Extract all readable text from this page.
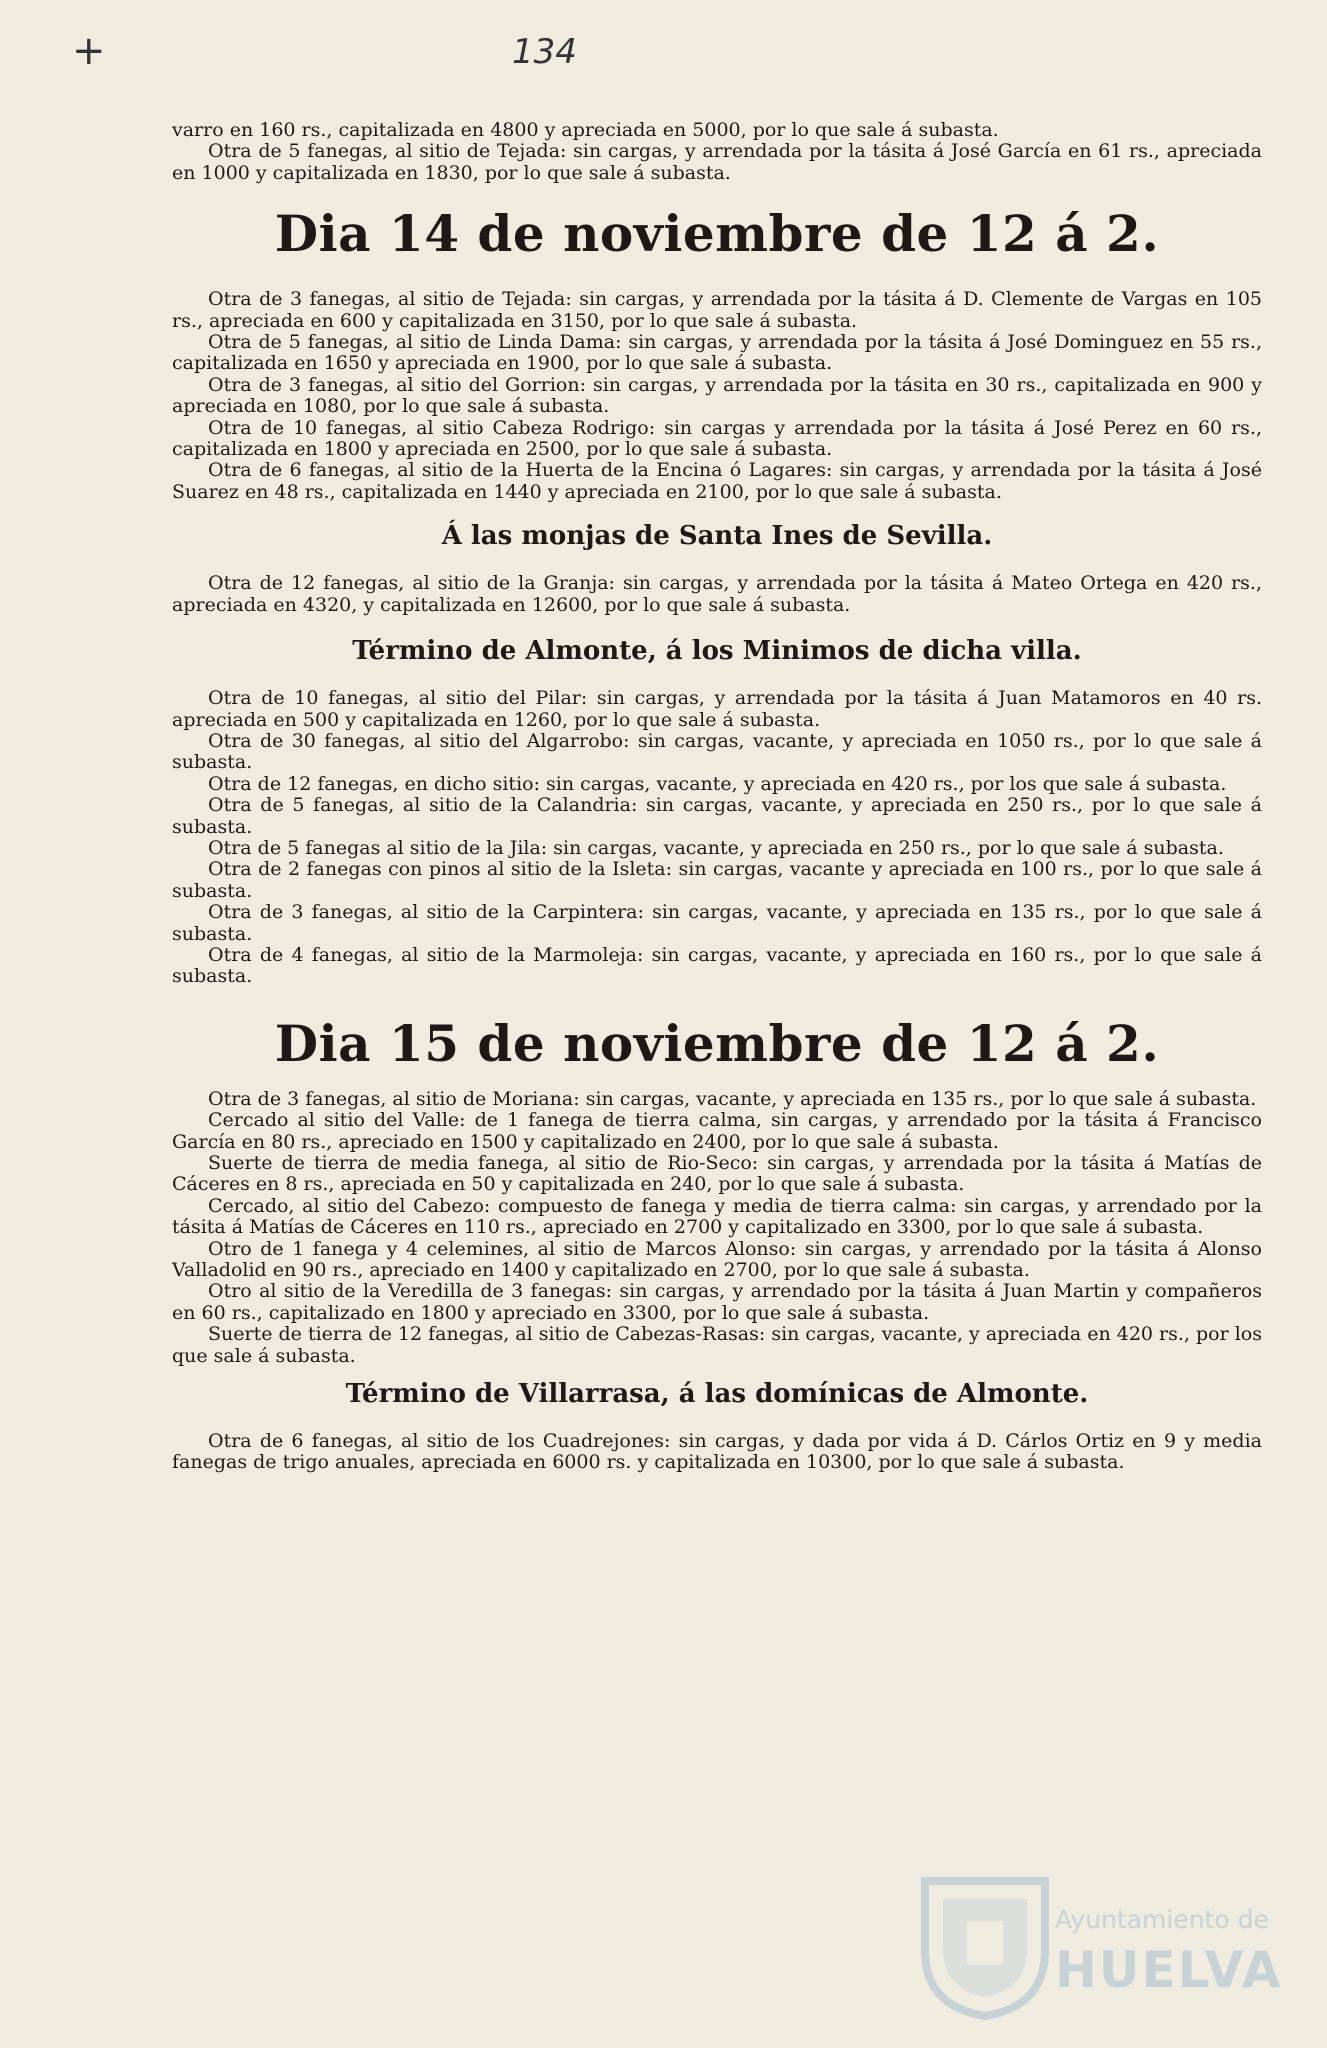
+	134

varro en 160 rs., capitalizada en 4800 y apreciada en 5000, por lo que sale á subasta.

Otra de 5 fanegas, al sitio de Tejada: sin cargas, y arrendada por la tásita á José García en 61 rs., apreciada en 1000 y capitalizada en 1830, por lo que sale á subasta.

Dia 14 de noviembre de 12 á 2.

Otra de 3 fanegas, al sitio de Tejada: sin cargas, y arrendada por la tásita á D. Clemente de Vargas en 105 rs., apreciada en 600 y capitalizada en 3150, por lo que sale á subasta.

Otra de 5 fanegas, al sitio de Linda Dama: sin cargas, y arrendada por la tásita á José Dominguez en 55 rs., capitalizada en 1650 y apreciada en 1900, por lo que sale á subasta.

Otra de 3 fanegas, al sitio del Gorrion: sin cargas, y arrendada por la tásita en 30 rs., capitalizada en 900 y apreciada en 1080, por lo que sale á subasta.

Otra de 10 fanegas, al sitio Cabeza Rodrigo: sin cargas y arrendada por la tásita á José Perez en 60 rs., capitalizada en 1800 y apreciada en 2500, por lo que sale á subasta.

Otra de 6 fanegas, al sitio de la Huerta de la Encina ó Lagares: sin cargas, y arrendada por la tásita á José Suarez en 48 rs., capitalizada en 1440 y apreciada en 2100, por lo que sale á subasta.

Á las monjas de Santa Ines de Sevilla.

Otra de 12 fanegas, al sitio de la Granja: sin cargas, y arrendada por la tásita á Mateo Ortega en 420 rs., apreciada en 4320, y capitalizada en 12600, por lo que sale á subasta.

Término de Almonte, á los Minimos de dicha villa.

Otra de 10 fanegas, al sitio del Pilar: sin cargas, y arrendada por la tásita á Juan Matamoros en 40 rs. apreciada en 500 y capitalizada en 1260, por lo que sale á subasta.

Otra de 30 fanegas, al sitio del Algarrobo: sin cargas, vacante, y apreciada en 1050 rs., por lo que sale á subasta.

Otra de 12 fanegas, en dicho sitio: sin cargas, vacante, y apreciada en 420 rs., por los que sale á subasta.

Otra de 5 fanegas, al sitio de la Calandria: sin cargas, vacante, y apreciada en 250 rs., por lo que sale á subasta.

Otra de 5 fanegas al sitio de la Jila: sin cargas, vacante, y apreciada en 250 rs., por lo que sale á subasta.

Otra de 2 fanegas con pinos al sitio de la Isleta: sin cargas, vacante y apreciada en 100 rs., por lo que sale á subasta.

Otra de 3 fanegas, al sitio de la Carpintera: sin cargas, vacante, y apreciada en 135 rs., por lo que sale á subasta.

Otra de 4 fanegas, al sitio de la Marmoleja: sin cargas, vacante, y apreciada en 160 rs., por lo que sale á subasta.

Dia 15 de noviembre de 12 á 2.

Otra de 3 fanegas, al sitio de Moriana: sin cargas, vacante, y apreciada en 135 rs., por lo que sale á subasta.

Cercado al sitio del Valle: de 1 fanega de tierra calma, sin cargas, y arrendado por la tásita á Francisco García en 80 rs., apreciado en 1500 y capitalizado en 2400, por lo que sale á subasta.

Suerte de tierra de media fanega, al sitio de Rio-Seco: sin cargas, y arrendada por la tásita á Matías de Cáceres en 8 rs., apreciada en 50 y capitalizada en 240, por lo que sale á subasta.

Cercado, al sitio del Cabezo: compuesto de fanega y media de tierra calma: sin cargas, y arrendado por la tásita á Matías de Cáceres en 110 rs., apreciado en 2700 y capitalizado en 3300, por lo que sale á subasta.

Otro de 1 fanega y 4 celemines, al sitio de Marcos Alonso: sin cargas, y arrendado por la tásita á Alonso Valladolid en 90 rs., apreciado en 1400 y capitalizado en 2700, por lo que sale á subasta.

Otro al sitio de la Veredilla de 3 fanegas: sin cargas, y arrendado por la tásita á Juan Martin y compañeros en 60 rs., capitalizado en 1800 y apreciado en 3300, por lo que sale á subasta.

Suerte de tierra de 12 fanegas, al sitio de Cabezas-Rasas: sin cargas, vacante, y apreciada en 420 rs., por los que sale á subasta.

Término de Villarrasa, á las domínicas de Almonte.

Otra de 6 fanegas, al sitio de los Cuadrejones: sin cargas, y dada por vida á D. Cárlos Ortiz en 9 y media fanegas de trigo anuales, apreciada en 6000 rs. y capitalizada en 10300, por lo que sale á subasta.

Ayuntamiento de
HUELVA
